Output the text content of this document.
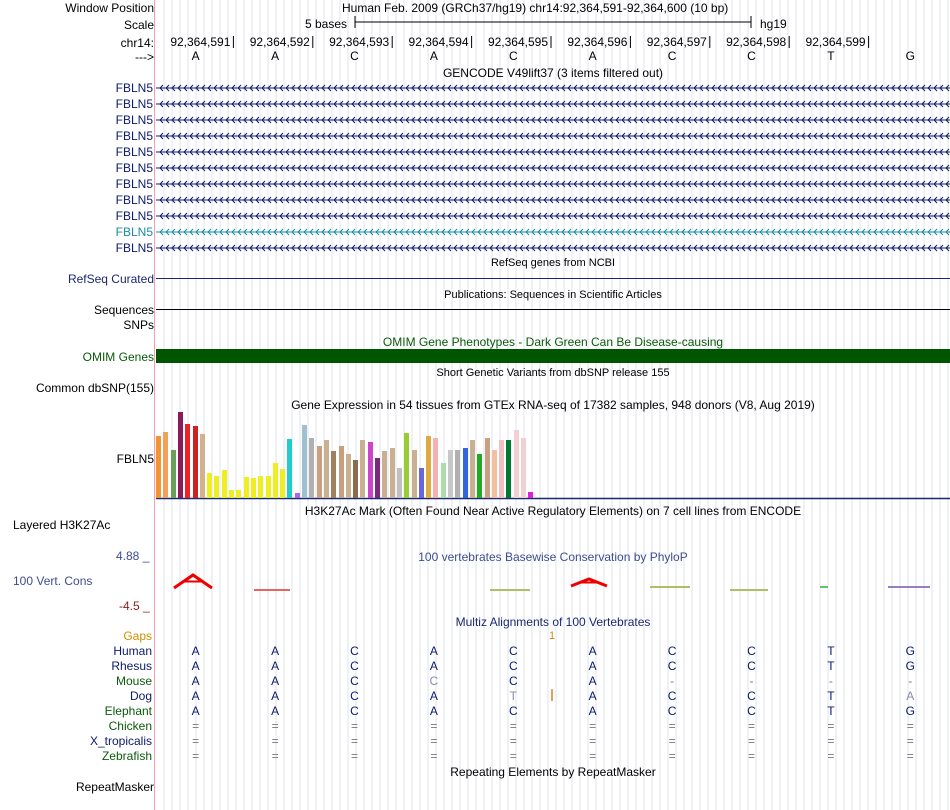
Window Position	Human Feb. 2009 (GRCh37/hg19) chr14:92,364,591-92,364,600 (10 bp)
Scale	5 bases	hg19
chr14:	92,364,591	92,364,592	92,364,593	92,364,594	92,364,595	92,364,596	92,364,597	92,364,598	92,364,599
--->	A	A	C	A	C	A	C	C	T	G
GENCODE V49lift37 (3 items filtered out)
FBLN5
FBLN5
FBLN5
FBLN5
FBLN5
FBLN5
FBLN5
FBLN5
FBLN5
FBLN5
FBLN5
RefSeq genes from NCBI
RefSeq Curated
Publications: Sequences in Scientific Articles
Sequences
SNPs
OMIM Gene Phenotypes - Dark Green Can Be Disease-causing
OMIM Genes
Short Genetic Variants from dbSNP release 155
Common dbSNP(155)
Gene Expression in 54 tissues from GTEx RNA-seq of 17382 samples, 948 donors (V8, Aug 2019)
FBLN5
H3K27Ac Mark (Often Found Near Active Regulatory Elements) on 7 cell lines from ENCODE
Layered H3K27Ac
4.88 _	100 vertebrates Basewise Conservation by PhyloP
100 Vert. Cons
-4.5 _
Multiz Alignments of 100 Vertebrates
Gaps	1
Human	A	A	C	A	C	A	C	C	T	G
Rhesus	A	A	C	A	C	A	C	C	T	G
Mouse	A	A	C	C	C	A	-	-	-	-
Dog	A	A	C	A	T	A	C	C	T	A
Elephant	A	A	C	A	C	A	C	C	T	G
Chicken	=	=	=	=	=	=	=	=	=	=
X_tropicalis	=	=	=	=	=	=	=	=	=	=
Zebrafish	=	=	=	=	=	=	=	=	=	=
Repeating Elements by RepeatMasker
RepeatMasker
